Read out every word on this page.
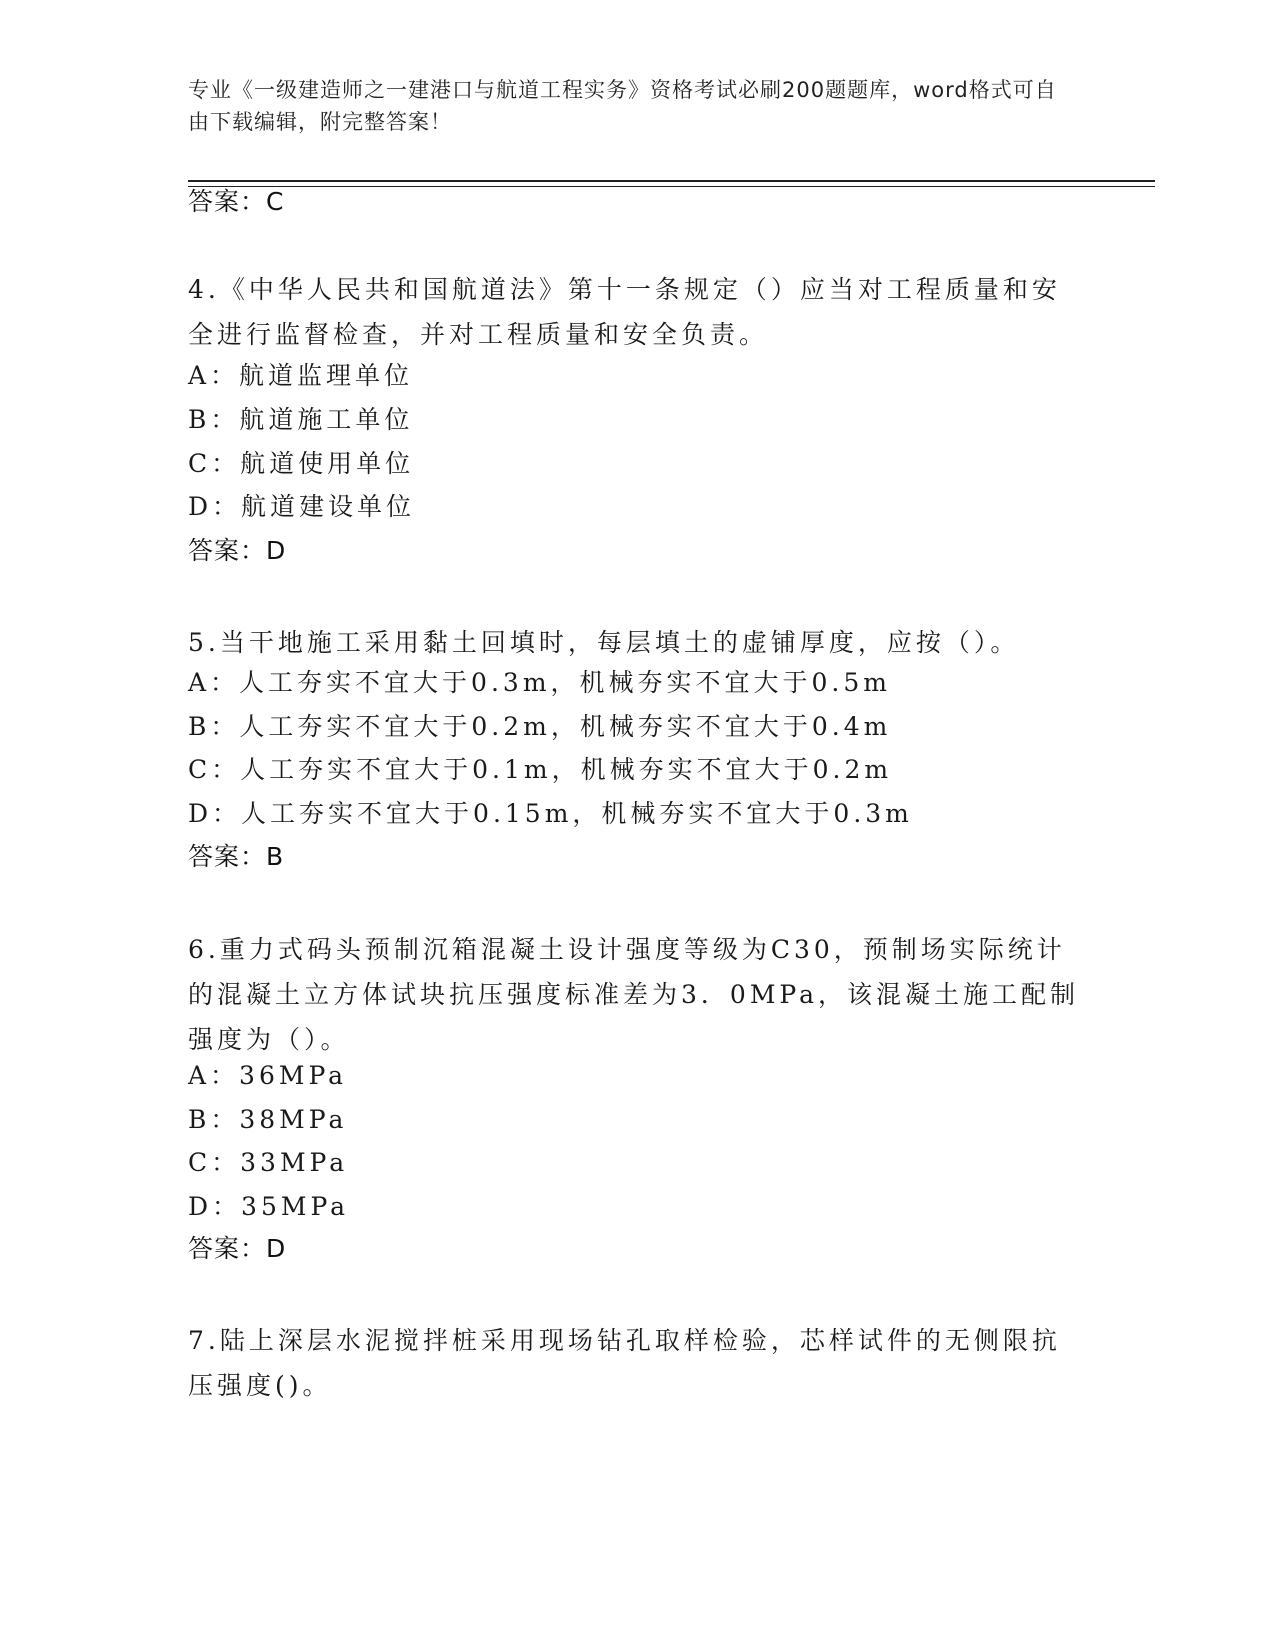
专业《一级建造师之一建港口与航道工程实务》资格考试必刷200题题库，word格式可自由下载编辑，附完整答案！
答案：C
4.《中华人民共和国航道法》第十一条规定（）应当对工程质量和安全进行监督检查，并对工程质量和安全负责。
A：航道监理单位
B：航道施工单位
C：航道使用单位
D：航道建设单位
答案：D
5.当干地施工采用黏土回填时，每层填土的虚铺厚度，应按（）。
A：人工夯实不宜大于0.3m，机械夯实不宜大于0.5m
B：人工夯实不宜大于0.2m，机械夯实不宜大于0.4m
C：人工夯实不宜大于0.1m，机械夯实不宜大于0.2m
D：人工夯实不宜大于0.15m，机械夯实不宜大于0.3m
答案：B
6.重力式码头预制沉箱混凝土设计强度等级为C30，预制场实际统计的混凝土立方体试块抗压强度标准差为3．0MPa，该混凝土施工配制强度为（）。
A：36MPa
B：38MPa
C：33MPa
D：35MPa
答案：D
7.陆上深层水泥搅拌桩采用现场钻孔取样检验，芯样试件的无侧限抗压强度()。
